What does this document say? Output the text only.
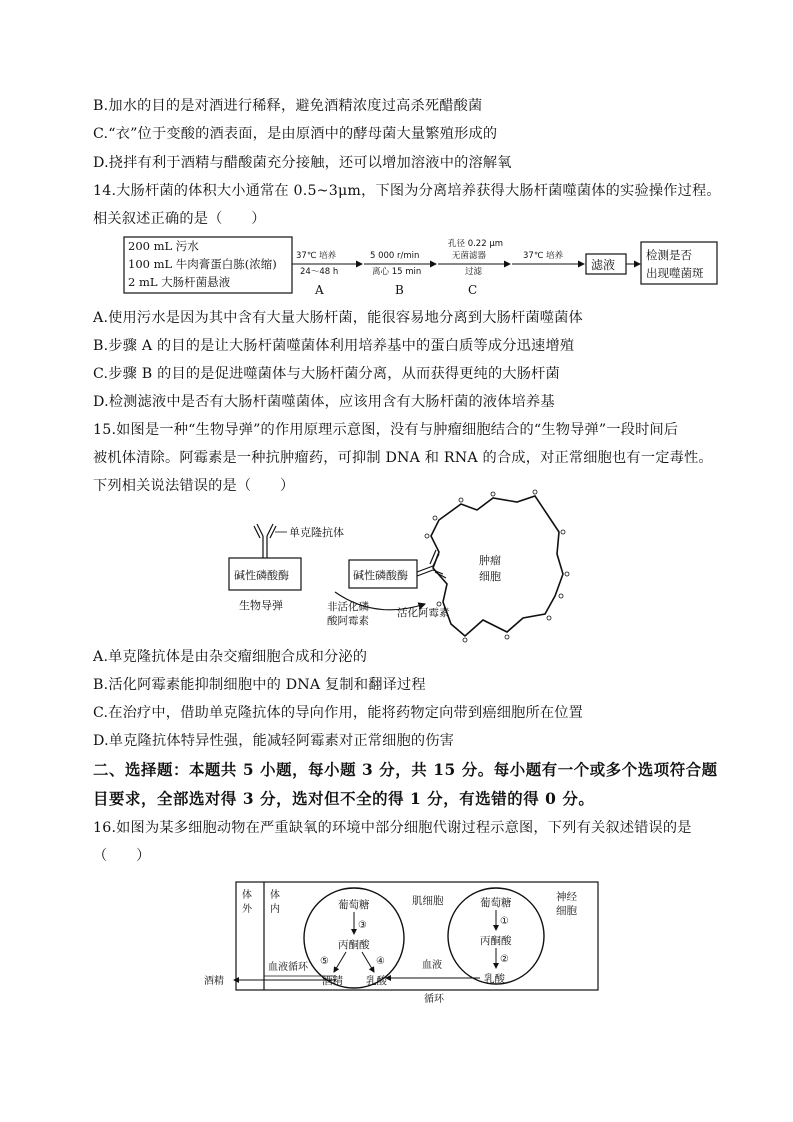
B.加水的目的是对酒进行稀释，避免酒精浓度过高杀死醋酸菌
C.“衣”位于变酸的酒表面，是由原酒中的酵母菌大量繁殖形成的
D.挠拌有利于酒精与醋酸菌充分接触，还可以增加溶液中的溶解氧
14.大肠杆菌的体积大小通常在 0.5~3μm，下图为分离培养获得大肠杆菌噬菌体的实验操作过程。
相关叙述正确的是（　　）
200 mL 污水
100 mL 牛肉膏蛋白胨(浓缩)
2 mL 大肠杆菌悬液
37℃ 培养
24～48 h
A
5 000 r/min
离心 15 min
B
孔径 0.22 μm
无菌滤器
过滤
C
37℃ 培养
滤液
检测是否
出现噬菌斑
A.使用污水是因为其中含有大量大肠杆菌，能很容易地分离到大肠杆菌噬菌体
B.步骤 A 的目的是让大肠杆菌噬菌体利用培养基中的蛋白质等成分迅速增殖
C.步骤 B 的目的是促进噬菌体与大肠杆菌分离，从而获得更纯的大肠杆菌
D.检测滤液中是否有大肠杆菌噬菌体，应该用含有大肠杆菌的液体培养基
15.如图是一种“生物导弹”的作用原理示意图，没有与肿瘤细胞结合的“生物导弹”一段时间后
被机体清除。阿霉素是一种抗肿瘤药，可抑制 DNA 和 RNA 的合成，对正常细胞也有一定毒性。
下列相关说法错误的是（　　）
单克隆抗体
碱性磷酸酶
生物导弹
碱性磷酸酶
非活化磷
酸阿霉素
活化阿霉素
肿瘤
细胞
A.单克隆抗体是由杂交瘤细胞合成和分泌的
B.活化阿霉素能抑制细胞中的 DNA 复制和翻译过程
C.在治疗中，借助单克隆抗体的导向作用，能将药物定向带到癌细胞所在位置
D.单克隆抗体特异性强，能减轻阿霉素对正常细胞的伤害
二、选择题：本题共 5 小题，每小题 3 分，共 15 分。每小题有一个或多个选项符合题
目要求，全部选对得 3 分，选对但不全的得 1 分，有选错的得 0 分。
16.如图为某多细胞动物在严重缺氧的环境中部分细胞代谢过程示意图，下列有关叙述错误的是
（　　）
体
外
体
内	葡萄糖
③
丙酮酸
⑤	④
酒精 乳酸
肌细胞
血液循环
酒精
血液
循环
葡萄糖
①
丙酮酸
②
乳酸
神经
细胞
